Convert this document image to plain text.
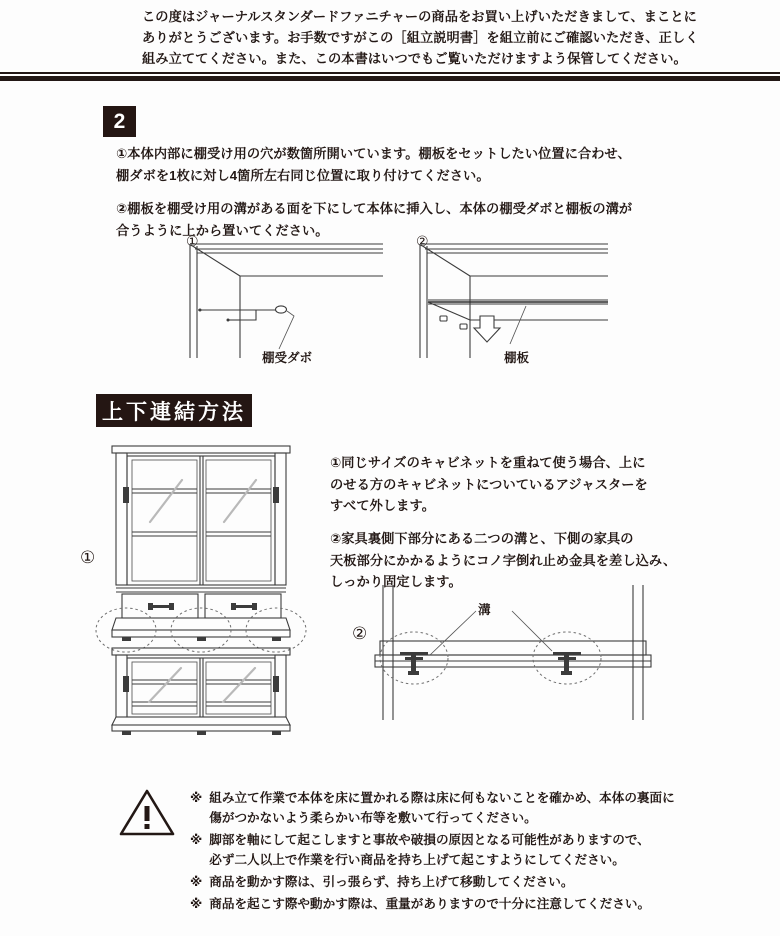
この度はジャーナルスタンダードファニチャーの商品をお買い上げいただきまして、まことに

ありがとうございます。お手数ですがこの［組立説明書］を組立前にご確認いただき、正しく

組み立ててください。また、この本書はいつでもご覧いただけますよう保管してください。

2

①本体内部に棚受け用の穴が数箇所開いています。棚板をセットしたい位置に合わせ、

棚ダボを1枚に対し4箇所左右同じ位置に取り付けてください。

②棚板を棚受け用の溝がある面を下にして本体に挿入し、本体の棚受ダボと棚板の溝が

合うように上から置いてください。

①	②
棚受ダボ	棚板
上下連結方法

①同じサイズのキャビネットを重ねて使う場合、上に

のせる方のキャビネットについているアジャスターを

すべて外します。

②家具裏側下部分にある二つの溝と、下側の家具の

天板部分にかかるようにコノ字倒れ止め金具を差し込み、

しっかり固定します。

①
②
溝
※ 組み立て作業で本体を床に置かれる際は床に何もないことを確かめ、本体の裏面に

傷がつかないよう柔らかい布等を敷いて行ってください。

※ 脚部を軸にして起こしますと事故や破損の原因となる可能性がありますので、

必ず二人以上で作業を行い商品を持ち上げて起こすようにしてください。

※ 商品を動かす際は、引っ張らず、持ち上げて移動してください。

※ 商品を起こす際や動かす際は、重量がありますので十分に注意してください。
